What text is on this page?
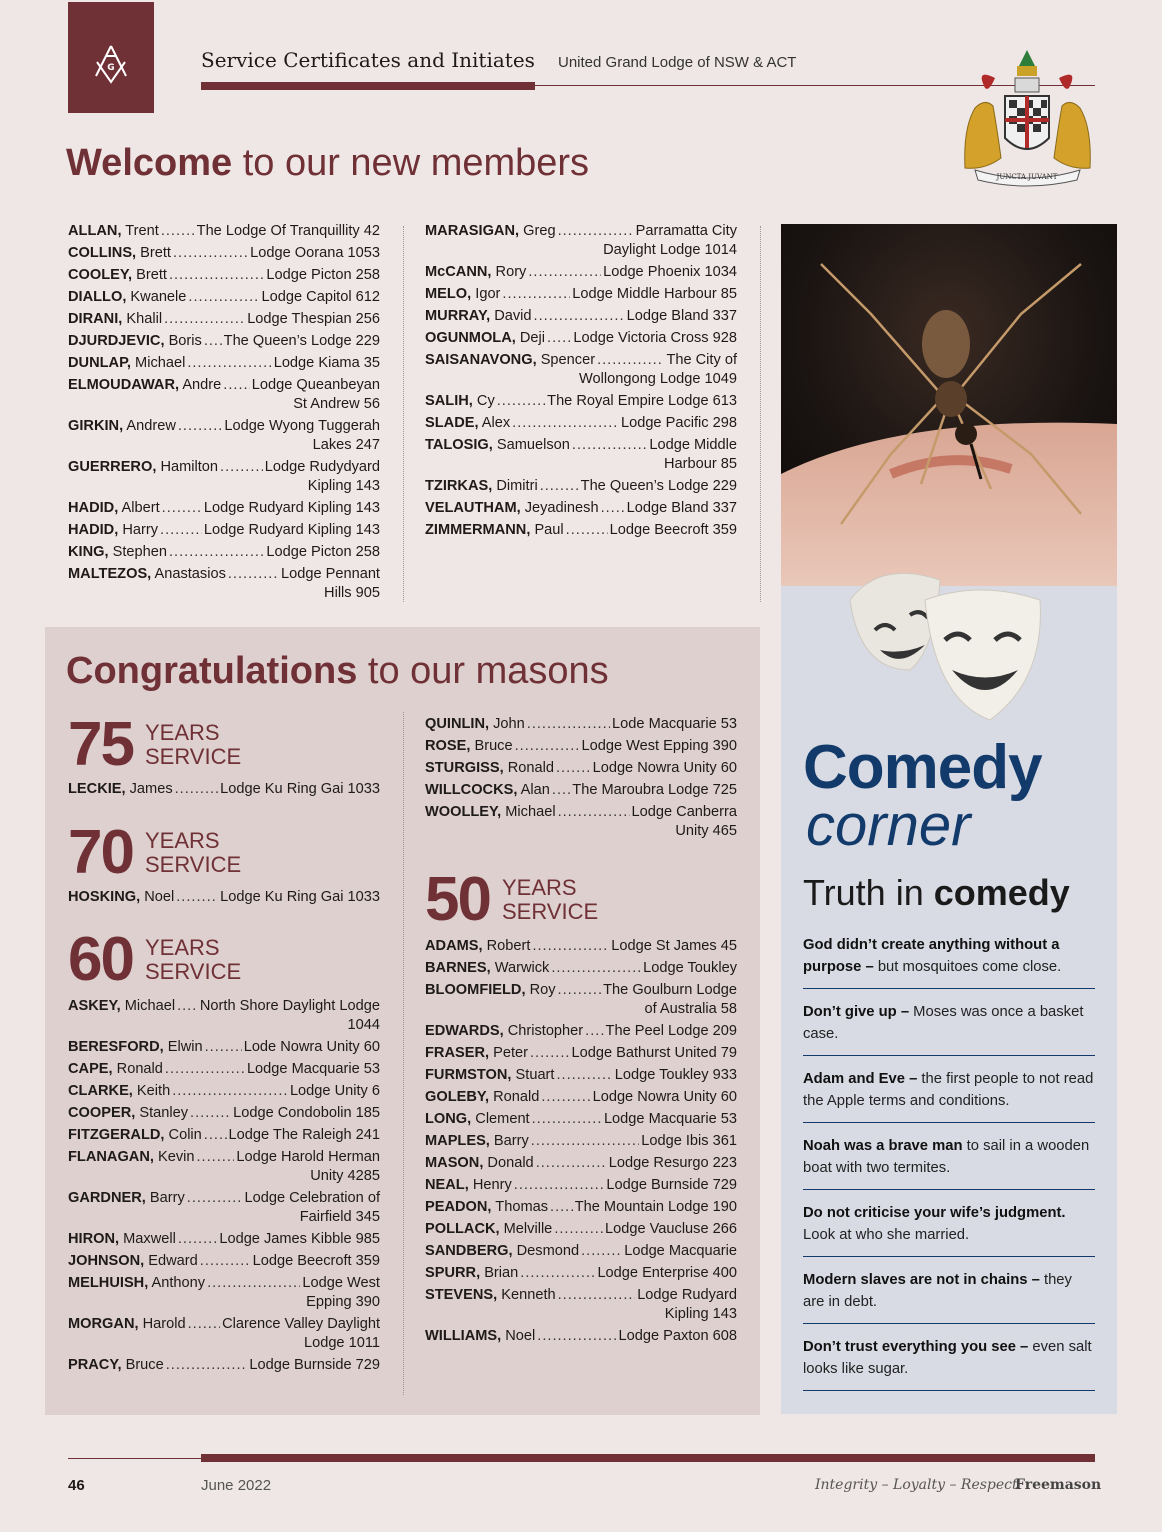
G	Service Certificates and Initiates United Grand Lodge of NSW & ACT
JUNCTA JUVANT
Welcome to our new members
ALLAN, Trent .....	The Lodge Of Tranquillity 42
COLLINS, Brett .....	Lodge Oorana 1053
COOLEY, Brett .....	Lodge Picton 258
DIALLO, Kwanele .....	Lodge Capitol 612
DIRANI, Khalil .....	Lodge Thespian 256
DJURDJEVIC, Boris ..... The Queen’s Lodge 229
DUNLAP, Michael .....	Lodge Kiama 35
ELMOUDAWAR, Andre ..... Lodge Queanbeyan
St Andrew 56
GIRKIN, Andrew .....	Lodge Wyong Tuggerah
Lakes 247
GUERRERO, Hamilton .....	Lodge Rudydyard
Kipling 143
HADID, Albert .....	Lodge Rudyard Kipling 143
HADID, Harry .....	Lodge Rudyard Kipling 143
KING, Stephen .....	Lodge Picton 258
MALTEZOS, Anastasios .....	Lodge Pennant
Hills 905
MARASIGAN, Greg .....	Parramatta City
Daylight Lodge 1014
McCANN, Rory .....	Lodge Phoenix 1034
MELO, Igor .....	Lodge Middle Harbour 85
MURRAY, David .....	Lodge Bland 337
OGUNMOLA, Deji ..... Lodge Victoria Cross 928
SAISANAVONG, Spencer .....	The City of
Wollongong Lodge 1049
SALIH, Cy .....	The Royal Empire Lodge 613
SLADE, Alex .....	Lodge Pacific 298
TALOSIG, Samuelson .....	Lodge Middle
Harbour 85
TZIRKAS, Dimitri .....	The Queen’s Lodge 229
VELAUTHAM, Jeyadinesh ..... Lodge Bland 337
ZIMMERMANN, Paul .....	Lodge Beecroft 359
Congratulations to our masons
75 YEARS
SERVICE
LECKIE, James .....	Lodge Ku Ring Gai 1033
70 YEARS
SERVICE
HOSKING, Noel .....	Lodge Ku Ring Gai 1033
60 YEARS
SERVICE
ASKEY, Michael ..... North Shore Daylight Lodge
1044
BERESFORD, Elwin .....	Lode Nowra Unity 60
CAPE, Ronald .....	Lodge Macquarie 53
CLARKE, Keith .....	Lodge Unity 6
COOPER, Stanley .....	Lodge Condobolin 185
FITZGERALD, Colin ..... Lodge The Raleigh 241
FLANAGAN, Kevin .....	Lodge Harold Herman
Unity 4285
GARDNER, Barry .....	Lodge Celebration of
Fairfield 345
HIRON, Maxwell .....	Lodge James Kibble 985
JOHNSON, Edward .....	Lodge Beecroft 359
MELHUISH, Anthony .....	Lodge West
Epping 390
MORGAN, Harold .....	Clarence Valley Daylight
Lodge 1011
PRACY, Bruce .....	Lodge Burnside 729
QUINLIN, John .....	Lode Macquarie 53
ROSE, Bruce .....	Lodge West Epping 390
STURGISS, Ronald .....	Lodge Nowra Unity 60
WILLCOCKS, Alan ..... The Maroubra Lodge 725
WOOLLEY, Michael .....	Lodge Canberra
Unity 465
50 YEARS
SERVICE
ADAMS, Robert .....	Lodge St James 45
BARNES, Warwick .....	Lodge Toukley
BLOOMFIELD, Roy .....	The Goulburn Lodge
of Australia 58
EDWARDS, Christopher ..... The Peel Lodge 209
FRASER, Peter .....	Lodge Bathurst United 79
FURMSTON, Stuart .....	Lodge Toukley 933
GOLEBY, Ronald .....	Lodge Nowra Unity 60
LONG, Clement .....	Lodge Macquarie 53
MAPLES, Barry .....	Lodge Ibis 361
MASON, Donald .....	Lodge Resurgo 223
NEAL, Henry .....	Lodge Burnside 729
PEADON, Thomas ..... The Mountain Lodge 190
POLLACK, Melville .....	Lodge Vaucluse 266
SANDBERG, Desmond .....	Lodge Macquarie
SPURR, Brian .....	Lodge Enterprise 400
STEVENS, Kenneth .....	Lodge Rudyard
Kipling 143
WILLIAMS, Noel .....	Lodge Paxton 608
Comedy
corner
Truth in comedy
God didn’t create anything without a purpose – but mosquitoes come close.
Don’t give up – Moses was once a basket case.
Adam and Eve – the first people to not read the Apple terms and conditions.
Noah was a brave man to sail in a wooden boat with two termites.
Do not criticise your wife’s judgment. Look at who she married.
Modern slaves are not in chains – they are in debt.
Don’t trust everything you see – even salt looks like sugar.
46	June 2022	Integrity – Loyalty – Respect
Freemason
